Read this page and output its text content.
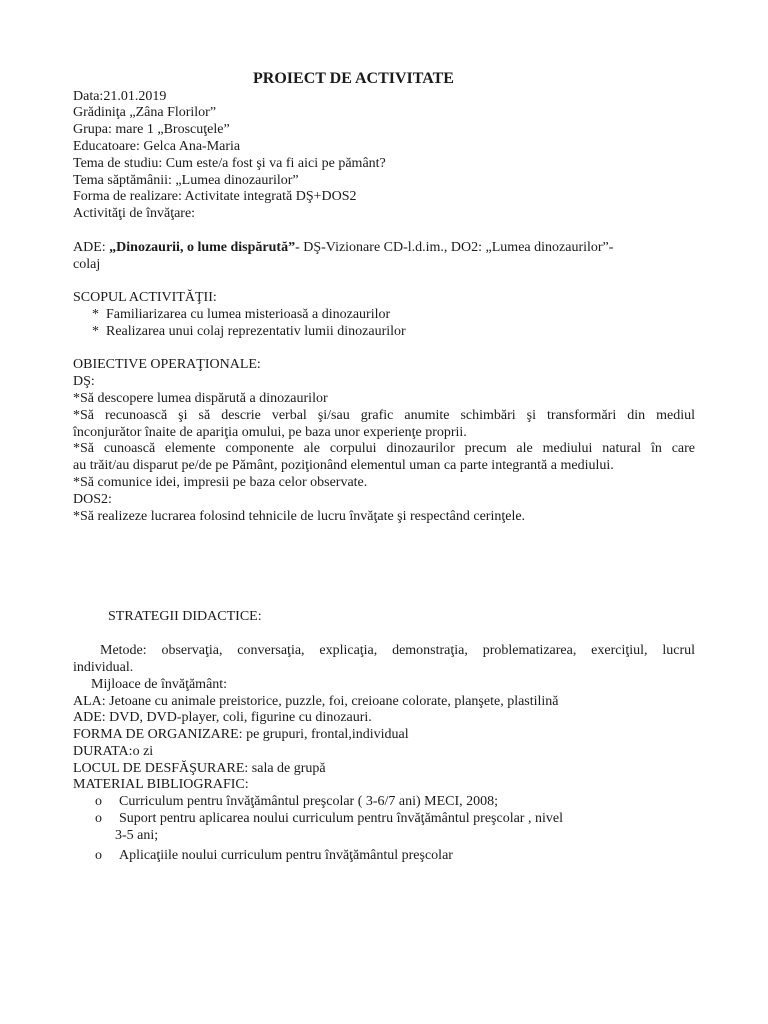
PROIECT DE ACTIVITATE
Data:21.01.2019
Grădiniţa „Zâna Florilor”
Grupa: mare 1 „Broscuţele”
Educatoare: Gelca Ana-Maria
Tema de studiu: Cum este/a fost şi va fi aici pe pământ?
Tema săptămânii: „Lumea dinozaurilor”
Forma de realizare: Activitate integrată DŞ+DOS2
Activităţi de învăţare:
ADE: „Dinozaurii, o lume dispărută”- DŞ-Vizionare CD-l.d.im., DO2: „Lumea dinozaurilor”-
colaj
SCOPUL ACTIVITĂŢII:
*  Familiarizarea cu lumea misterioasă a dinozaurilor
*  Realizarea unui colaj reprezentativ lumii dinozaurilor
OBIECTIVE OPERAŢIONALE:
DŞ:
*Să descopere lumea dispărută a dinozaurilor
*Să recunoască şi să descrie verbal şi/sau grafic anumite schimbări şi transformări din mediul
înconjurător înaite de apariţia omului, pe baza unor experienţe proprii.
*Să cunoască elemente componente ale corpului dinozaurilor precum ale mediului natural în care
au trăit/au disparut pe/de pe Pământ, poziţionând elementul uman ca parte integrantă a mediului.
*Să comunice idei, impresii pe baza celor observate.
DOS2:
*Să realizeze lucrarea folosind tehnicile de lucru învăţate şi respectând cerinţele.
STRATEGII DIDACTICE:
Metode: observaţia, conversaţia, explicaţia, demonstraţia, problematizarea, exerciţiul, lucrul
individual.
Mijloace de învăţământ:
ALA: Jetoane cu animale preistorice, puzzle, foi, creioane colorate, planşete, plastilină
ADE: DVD, DVD-player, coli, figurine cu dinozauri.
FORMA DE ORGANIZARE: pe grupuri, frontal,individual
DURATA:o zi
LOCUL DE DESFĂŞURARE: sala de grupă
MATERIAL BIBLIOGRAFIC:
o Curriculum pentru învăţământul preşcolar ( 3-6/7 ani) MECI, 2008;
o Suport pentru aplicarea noului curriculum pentru învăţământul preşcolar , nivel
3-5 ani;
o Aplicaţiile noului curriculum pentru învăţământul preşcolar
